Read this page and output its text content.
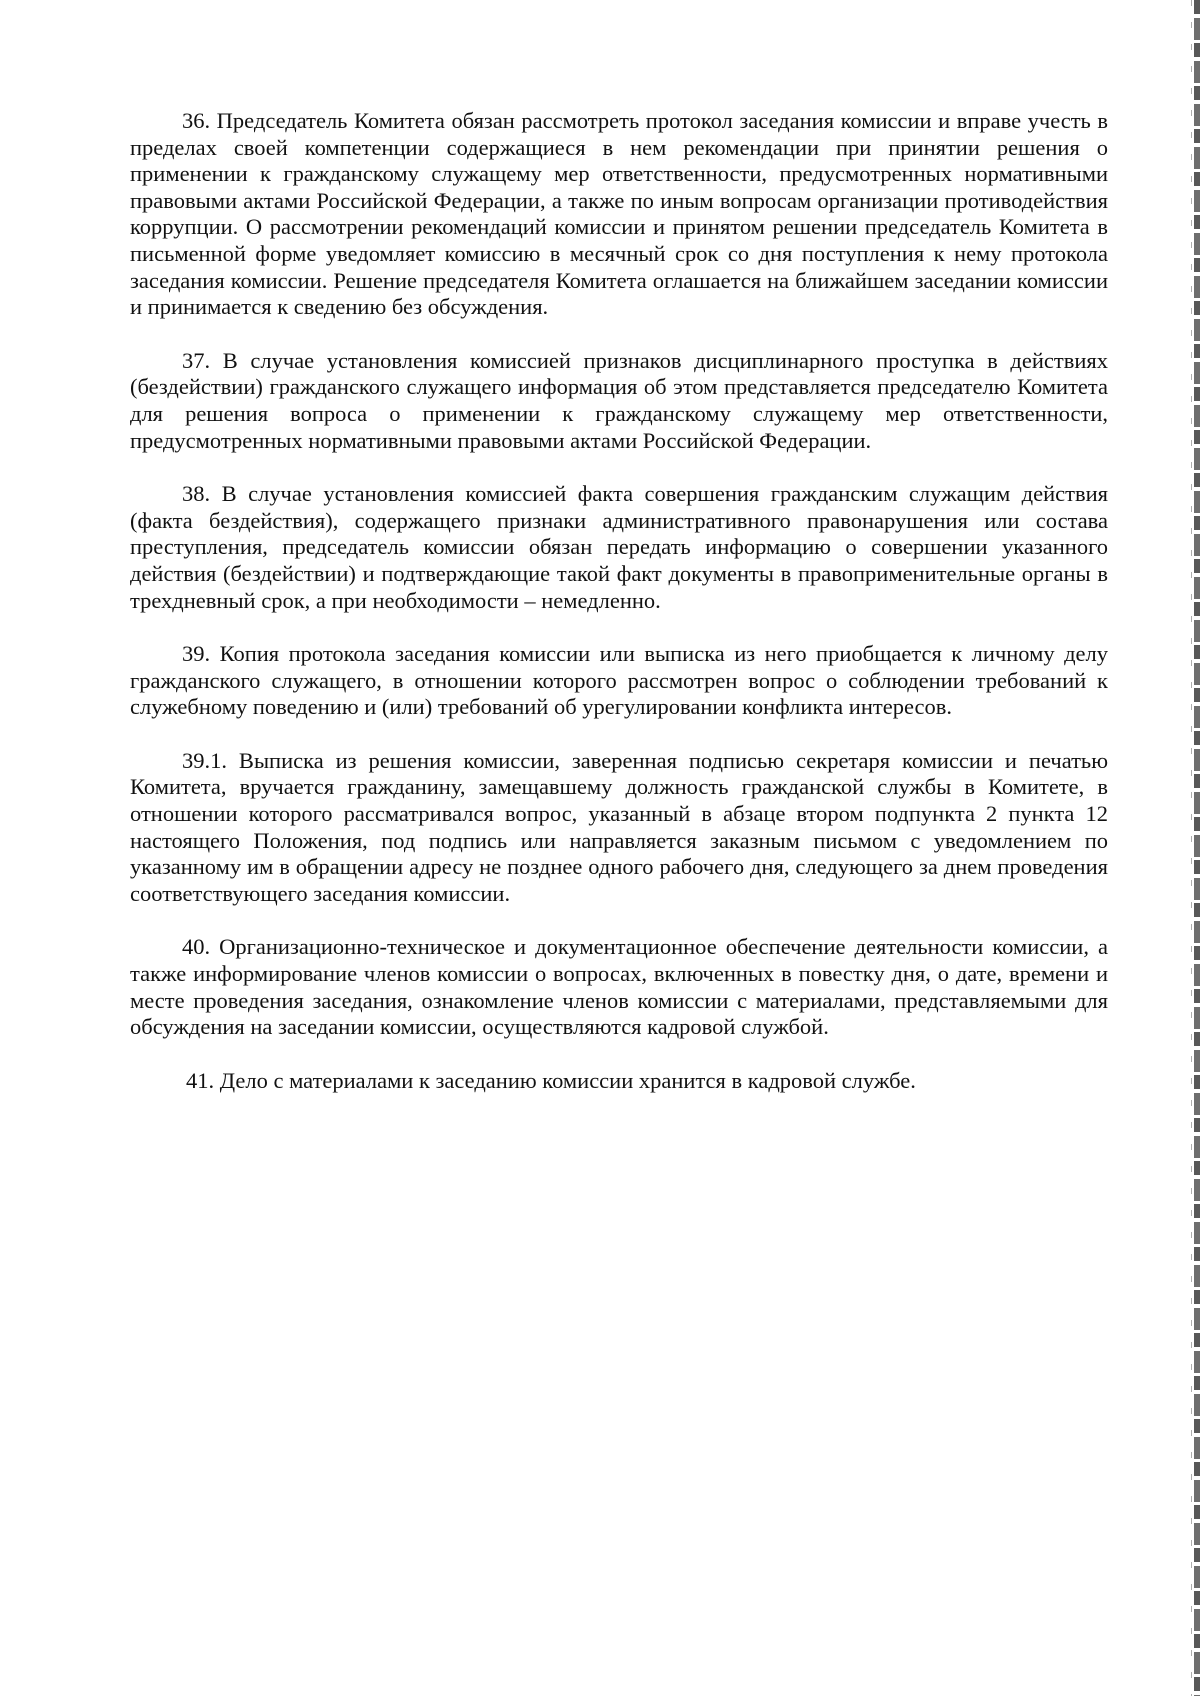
36. Председатель Комитета обязан рассмотреть протокол заседания комиссии и вправе учесть в пределах своей компетенции содержащиеся в нем рекомендации при принятии решения о применении к гражданскому служащему мер ответственности, предусмотренных нормативными правовыми актами Российской Федерации, а также по иным вопросам организации противодействия коррупции. О рассмотрении рекомендаций комиссии и принятом решении председатель Комитета в письменной форме уведомляет комиссию в месячный срок со дня поступления к нему протокола заседания комиссии. Решение председателя Комитета оглашается на ближайшем заседании комиссии и принимается к сведению без обсуждения.

37. В случае установления комиссией признаков дисциплинарного проступка в действиях (бездействии) гражданского служащего информация об этом представляется председателю Комитета для решения вопроса о применении к гражданскому служащему мер ответственности, предусмотренных нормативными правовыми актами Российской Федерации.

38. В случае установления комиссией факта совершения гражданским служащим действия (факта бездействия), содержащего признаки административного правонарушения или состава преступления, председатель комиссии обязан передать информацию о совершении указанного действия (бездействии) и подтверждающие такой факт документы в правоприменительные органы в трехдневный срок, а при необходимости – немедленно.

39. Копия протокола заседания комиссии или выписка из него приобщается к личному делу гражданского служащего, в отношении которого рассмотрен вопрос о соблюдении требований к служебному поведению и (или) требований об урегулировании конфликта интересов.

39.1. Выписка из решения комиссии, заверенная подписью секретаря комиссии и печатью Комитета, вручается гражданину, замещавшему должность гражданской службы в Комитете, в отношении которого рассматривался вопрос, указанный в абзаце втором подпункта 2 пункта 12 настоящего Положения, под подпись или направляется заказным письмом с уведомлением по указанному им в обращении адресу не позднее одного рабочего дня, следующего за днем проведения соответствующего заседания комиссии.

40. Организационно-техническое и документационное обеспечение деятельности комиссии, а также информирование членов комиссии о вопросах, включенных в повестку дня, о дате, времени и месте проведения заседания, ознакомление членов комиссии с материалами, представляемыми для обсуждения на заседании комиссии, осуществляются кадровой службой.

41. Дело с материалами к заседанию комиссии хранится в кадровой службе.
